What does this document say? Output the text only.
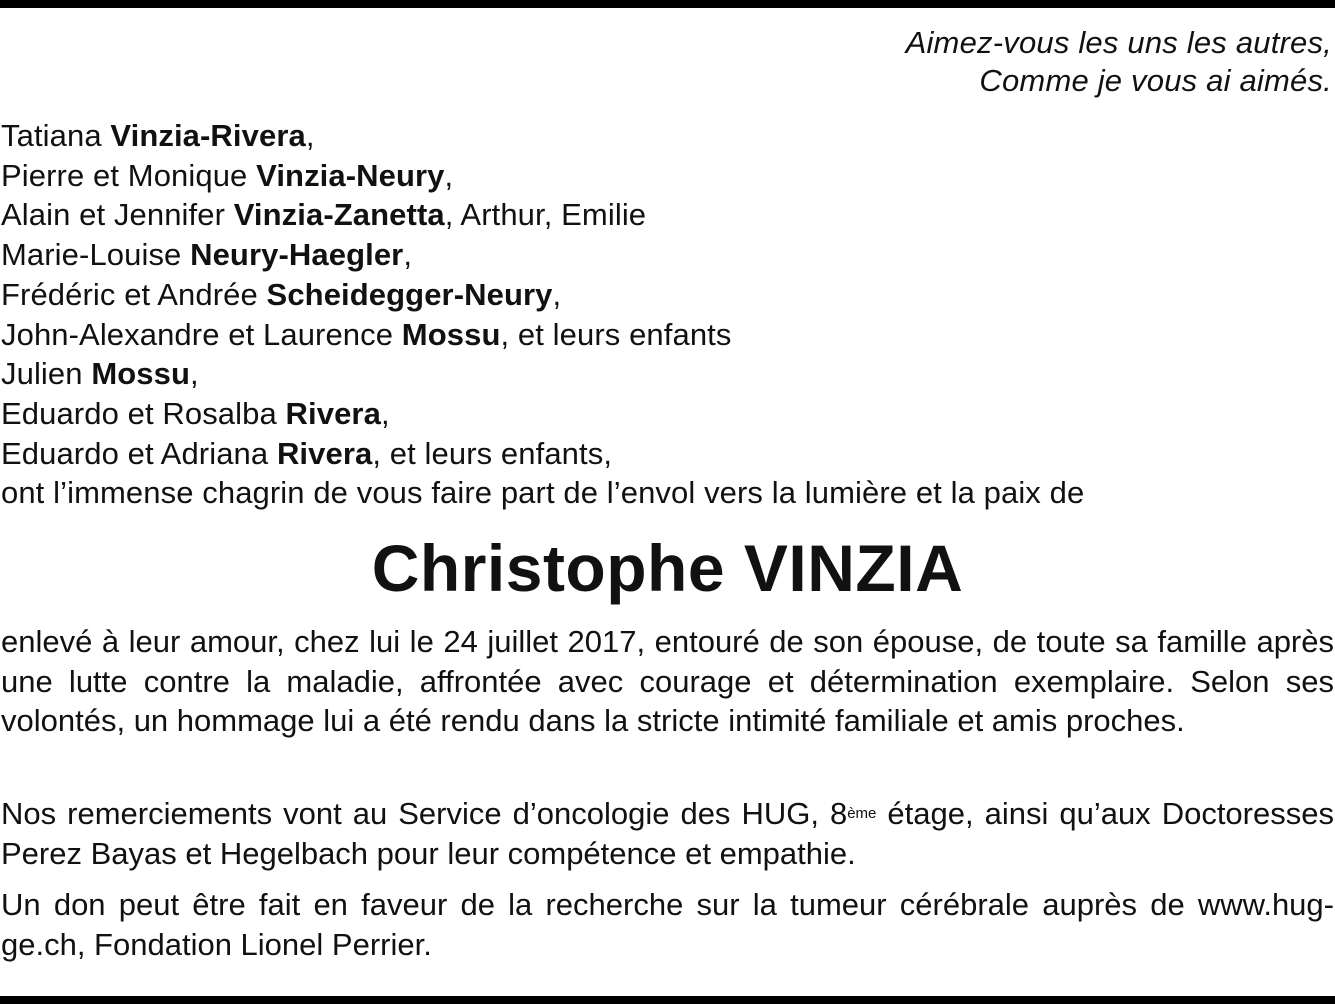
Aimez-vous les uns les autres,
Comme je vous ai aimés.
Tatiana Vinzia-Rivera,
Pierre et Monique Vinzia-Neury,
Alain et Jennifer Vinzia-Zanetta, Arthur, Emilie
Marie-Louise Neury-Haegler,
Frédéric et Andrée Scheidegger-Neury,
John-Alexandre et Laurence Mossu, et leurs enfants
Julien Mossu,
Eduardo et Rosalba Rivera,
Eduardo et Adriana Rivera, et leurs enfants,
ont l’immense chagrin de vous faire part de l’envol vers la lumière et la paix de
Christophe VINZIA
enlevé à leur amour, chez lui le 24 juillet 2017, entouré de son épouse, de toute sa famille après une lutte contre la maladie, affrontée avec courage et détermination exemplaire. Selon ses volontés, un hommage lui a été rendu dans la stricte intimité familiale et amis proches.
Nos remerciements vont au Service d’oncologie des HUG, 8ème étage, ainsi qu’aux Doctoresses Perez Bayas et Hegelbach pour leur compétence et empathie.
Un don peut être fait en faveur de la recherche sur la tumeur cérébrale auprès de www.hug-ge.ch, Fondation Lionel Perrier.
